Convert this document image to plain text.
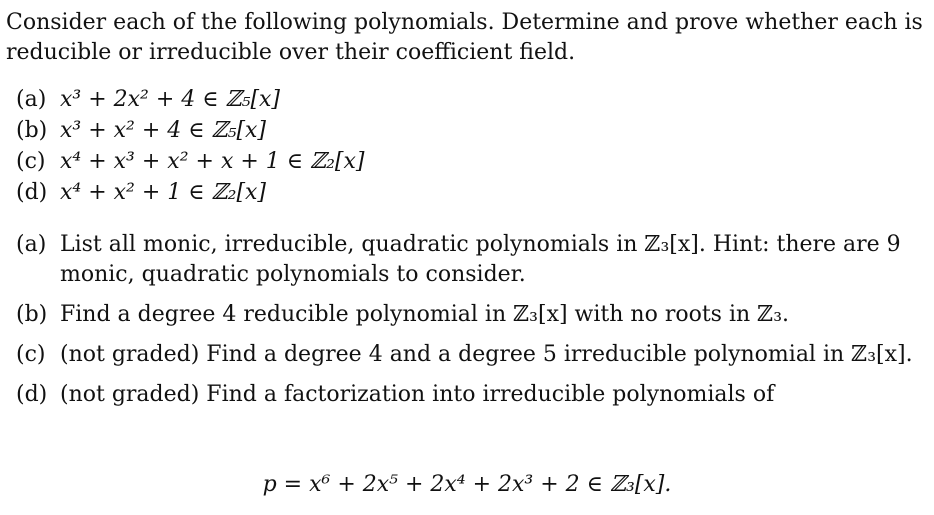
Consider each of the following polynomials. Determine and prove whether each is reducible or irreducible over their coefficient field.

(a) x³ + 2x² + 4 ∈ ℤ₅[x]
(b) x³ + x² + 4 ∈ ℤ₅[x]
(c) x⁴ + x³ + x² + x + 1 ∈ ℤ₂[x]
(d) x⁴ + x² + 1 ∈ ℤ₂[x]
(a) List all monic, irreducible, quadratic polynomials in ℤ₃[x]. Hint: there are 9 monic, quadratic polynomials to consider.
(b) Find a degree 4 reducible polynomial in ℤ₃[x] with no roots in ℤ₃.
(c) (not graded) Find a degree 4 and a degree 5 irreducible polynomial in ℤ₃[x].
(d) (not graded) Find a factorization into irreducible polynomials of
p = x⁶ + 2x⁵ + 2x⁴ + 2x³ + 2 ∈ ℤ₃[x].
